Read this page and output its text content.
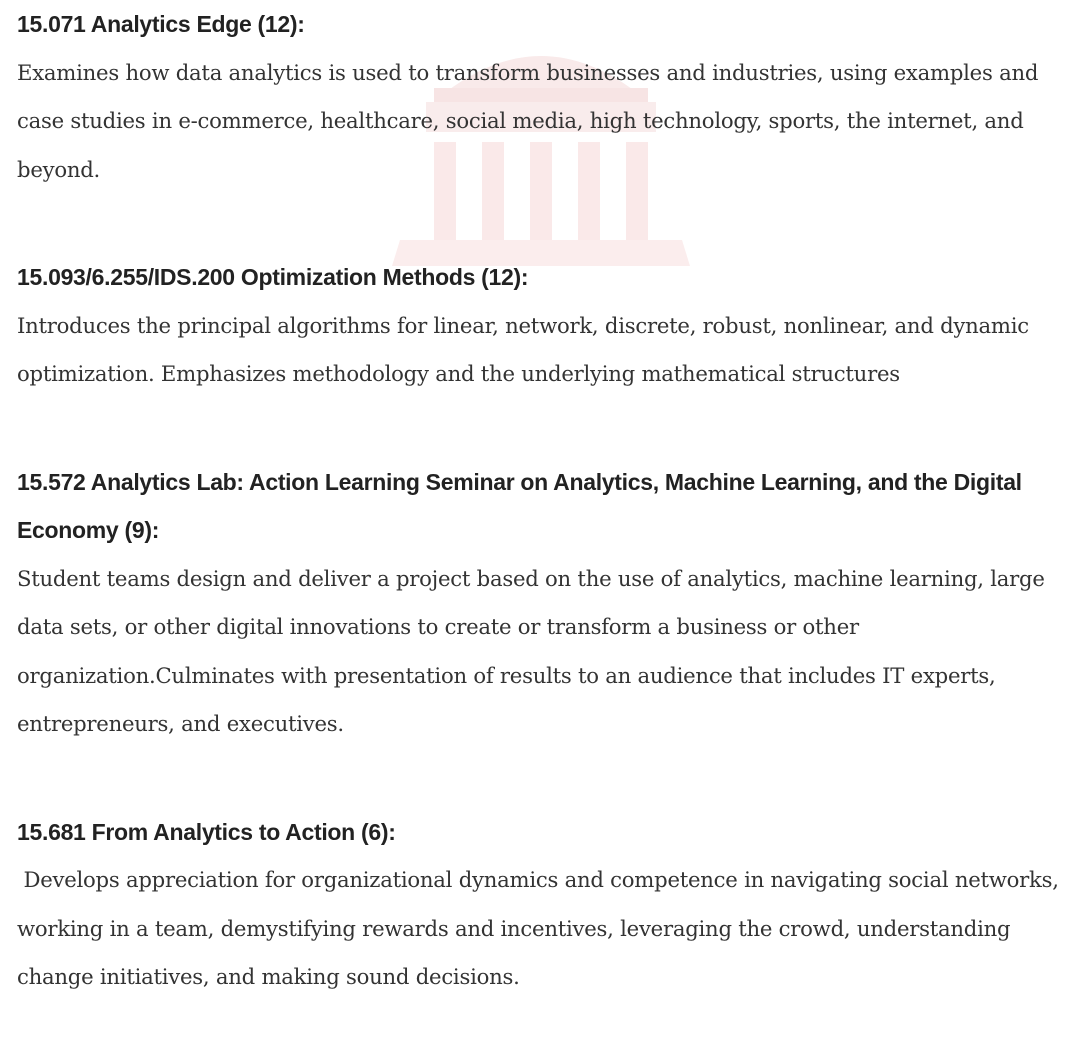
15.071 Analytics Edge (12):
Examines how data analytics is used to transform businesses and industries, using examples and case studies in e-commerce, healthcare, social media, high technology, sports, the internet, and beyond.
15.093/6.255/IDS.200 Optimization Methods (12):
Introduces the principal algorithms for linear, network, discrete, robust, nonlinear, and dynamic optimization. Emphasizes methodology and the underlying mathematical structures
15.572 Analytics Lab: Action Learning Seminar on Analytics, Machine Learning, and the Digital Economy (9):
Student teams design and deliver a project based on the use of analytics, machine learning, large data sets, or other digital innovations to create or transform a business or other organization.Culminates with presentation of results to an audience that includes IT experts, entrepreneurs, and executives.
15.681 From Analytics to Action (6):
Develops appreciation for organizational dynamics and competence in navigating social networks, working in a team, demystifying rewards and incentives, leveraging the crowd, understanding change initiatives, and making sound decisions.
